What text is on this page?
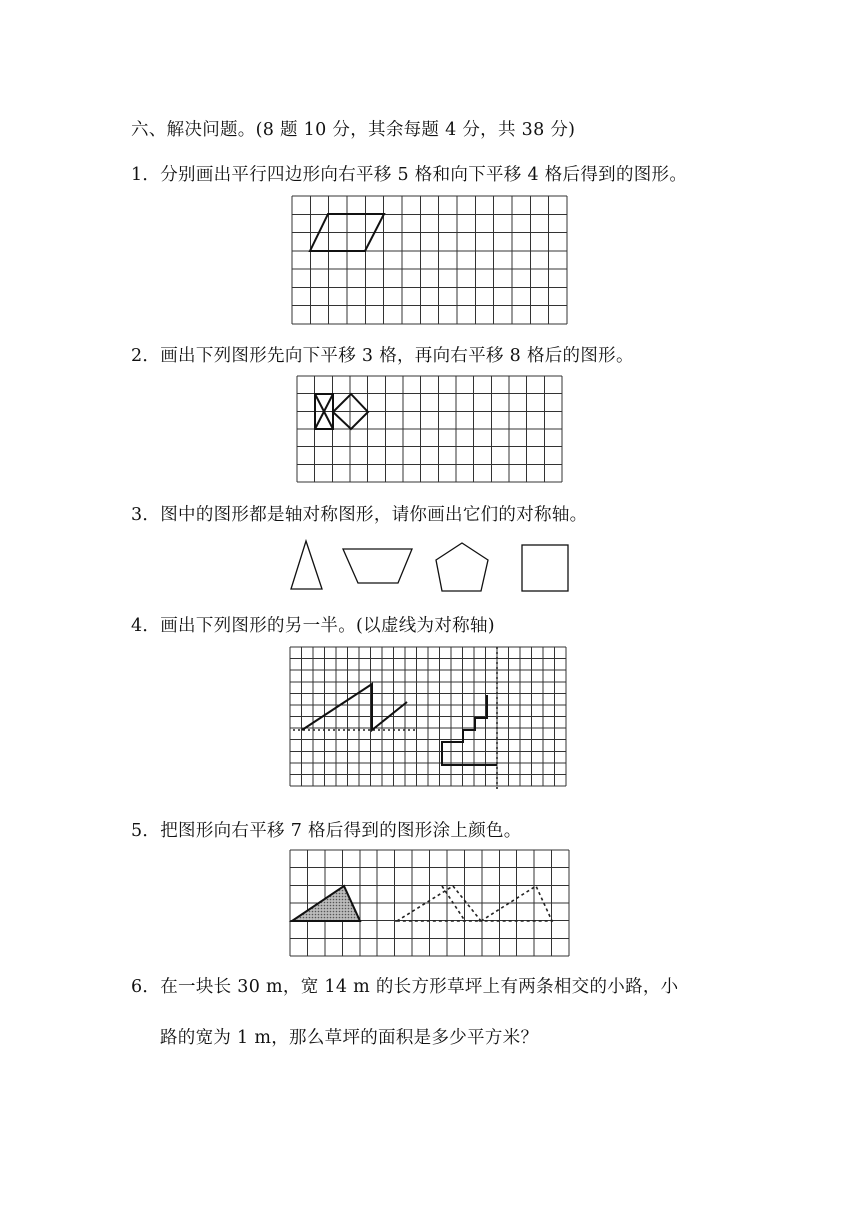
六、解决问题。(8 题 10 分，其余每题 4 分，共 38 分)
1．分别画出平行四边形向右平移 5 格和向下平移 4 格后得到的图形。
2．画出下列图形先向下平移 3 格，再向右平移 8 格后的图形。
3．图中的图形都是轴对称图形，请你画出它们的对称轴。
4．画出下列图形的另一半。(以虚线为对称轴)
5．把图形向右平移 7 格后得到的图形涂上颜色。
6．在一块长 30 m，宽 14 m 的长方形草坪上有两条相交的小路，小
路的宽为 1 m，那么草坪的面积是多少平方米？
